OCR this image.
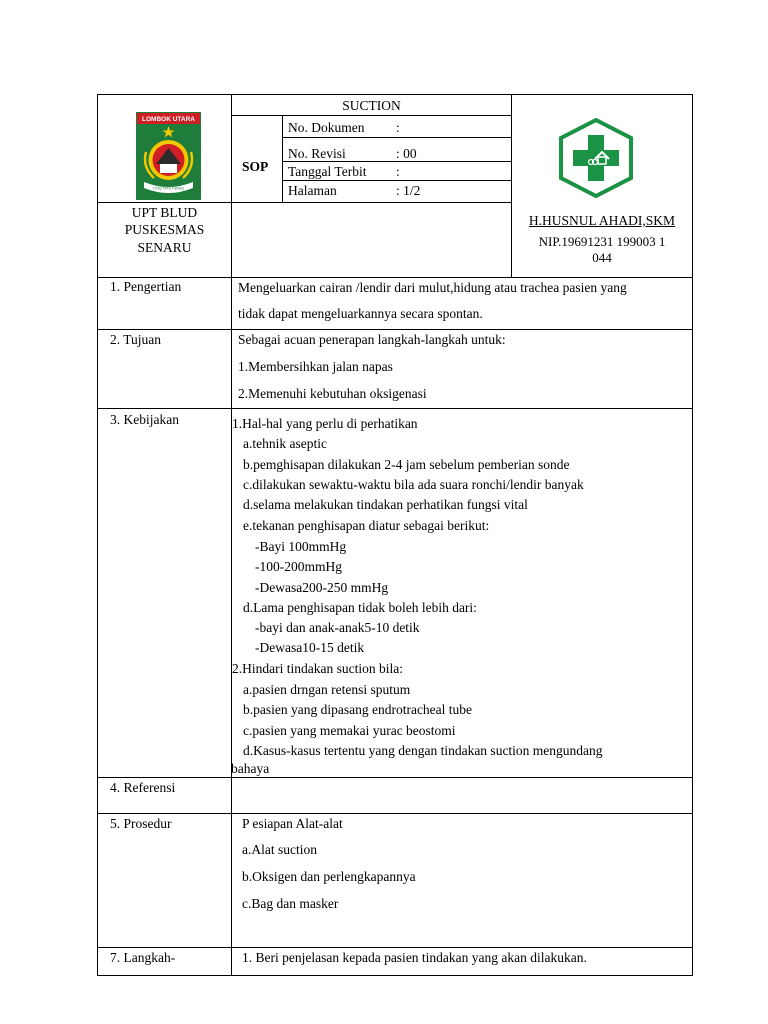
LOMBOK UTARA
TIOQ TATA TUNAQ
SUCTION
SOP
No. Dokumen :
No. Revisi	: 00
Tanggal Terbit :
Halaman	: 1/2
UPT BLUD
PUSKESMAS
SENARU
H.HUSNUL AHADI,SKM
NIP.19691231 199003 1
044
1. Pengertian	Mengeluarkan cairan /lendir dari mulut,hidung atau trachea pasien yang
tidak dapat mengeluarkannya secara spontan.
2. Tujuan	Sebagai acuan penerapan langkah-langkah untuk:
1.Membersihkan jalan napas
2.Memenuhi kebutuhan oksigenasi
3. Kebijakan	1.Hal-hal yang perlu di perhatikan
a.tehnik aseptic
b.pemghisapan dilakukan 2-4 jam sebelum pemberian sonde
c.dilakukan sewaktu-waktu bila ada suara ronchi/lendir banyak
d.selama melakukan tindakan perhatikan fungsi vital
e.tekanan penghisapan diatur sebagai berikut:
-Bayi 100mmHg
-100-200mmHg
-Dewasa200-250 mmHg
d.Lama penghisapan tidak boleh lebih dari:
-bayi dan anak-anak5-10 detik
-Dewasa10-15 detik
2.Hindari tindakan suction bila:
a.pasien drngan retensi sputum
b.pasien yang dipasang endrotracheal tube
c.pasien yang memakai yurac beostomi
d.Kasus-kasus tertentu yang dengan tindakan suction mengundang
bahaya
4. Referensi
5. Prosedur	P esiapan Alat-alat
a.Alat suction
b.Oksigen dan perlengkapannya
c.Bag dan masker
7. Langkah-	1. Beri penjelasan kepada pasien tindakan yang akan dilakukan.
